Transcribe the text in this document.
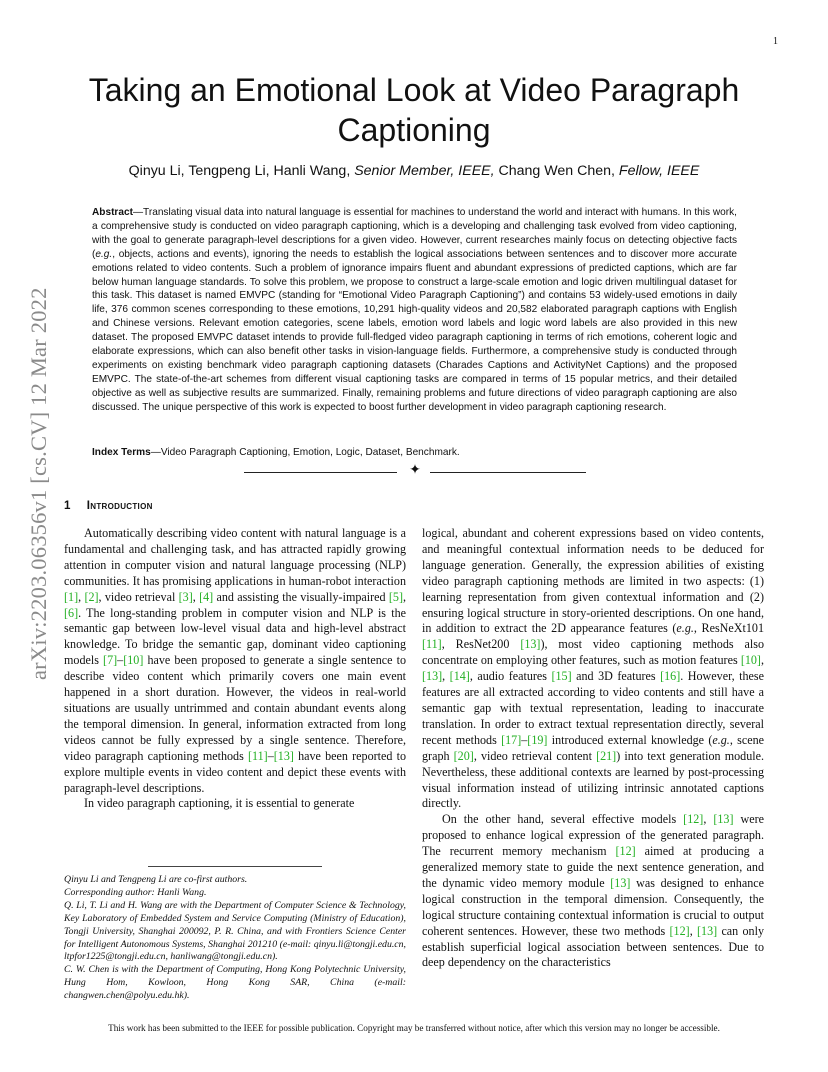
1
arXiv:2203.06356v1 [cs.CV] 12 Mar 2022
Taking an Emotional Look at Video Paragraph Captioning
Qinyu Li, Tengpeng Li, Hanli Wang, Senior Member, IEEE, Chang Wen Chen, Fellow, IEEE

Abstract—Translating visual data into natural language is essential for machines to understand the world and interact with humans. In this work, a comprehensive study is conducted on video paragraph captioning, which is a developing and challenging task evolved from video captioning, with the goal to generate paragraph-level descriptions for a given video. However, current researches mainly focus on detecting objective facts (e.g., objects, actions and events), ignoring the needs to establish the logical associations between sentences and to discover more accurate emotions related to video contents. Such a problem of ignorance impairs fluent and abundant expressions of predicted captions, which are far below human language standards. To solve this problem, we propose to construct a large-scale emotion and logic driven multilingual dataset for this task. This dataset is named EMVPC (standing for “Emotional Video Paragraph Captioning”) and contains 53 widely-used emotions in daily life, 376 common scenes corresponding to these emotions, 10,291 high-quality videos and 20,582 elaborated paragraph captions with English and Chinese versions. Relevant emotion categories, scene labels, emotion word labels and logic word labels are also provided in this new dataset. The proposed EMVPC dataset intends to provide full-fledged video paragraph captioning in terms of rich emotions, coherent logic and elaborate expressions, which can also benefit other tasks in vision-language fields. Furthermore, a comprehensive study is conducted through experiments on existing benchmark video paragraph captioning datasets (Charades Captions and ActivityNet Captions) and the proposed EMVPC. The state-of-the-art schemes from different visual captioning tasks are compared in terms of 15 popular metrics, and their detailed objective as well as subjective results are summarized. Finally, remaining problems and future directions of video paragraph captioning are also discussed. The unique perspective of this work is expected to boost further development in video paragraph captioning research.

Index Terms—Video Paragraph Captioning, Emotion, Logic, Dataset, Benchmark.

✦
1 Introduction

Automatically describing video content with natural language is a fundamental and challenging task, and has attracted rapidly growing attention in computer vision and natural language processing (NLP) communities. It has promising applications in human-robot interaction [1], [2], video retrieval [3], [4] and assisting the visually-impaired [5], [6]. The long-standing problem in computer vision and NLP is the semantic gap between low-level visual data and high-level abstract knowledge. To bridge the semantic gap, dominant video captioning models [7]–[10] have been proposed to generate a single sentence to describe video content which primarily covers one main event happened in a short duration. However, the videos in real-world situations are usually untrimmed and contain abundant events along the temporal dimension. In general, information extracted from long videos cannot be fully expressed by a single sentence. Therefore, video paragraph captioning methods [11]–[13] have been reported to explore multiple events in video content and depict these events with paragraph-level descriptions.

In video paragraph captioning, it is essential to generate

logical, abundant and coherent expressions based on video contents, and meaningful contextual information needs to be deduced for language generation. Generally, the expression abilities of existing video paragraph captioning methods are limited in two aspects: (1) learning representation from given contextual information and (2) ensuring logical structure in story-oriented descriptions. On one hand, in addition to extract the 2D appearance features (e.g., ResNeXt101 [11], ResNet200 [13]), most video captioning methods also concentrate on employing other features, such as motion features [10], [13], [14], audio features [15] and 3D features [16]. However, these features are all extracted according to video contents and still have a semantic gap with textual representation, leading to inaccurate translation. In order to extract textual representation directly, several recent methods [17]–[19] introduced external knowledge (e.g., scene graph [20], video retrieval content [21]) into text generation module. Nevertheless, these additional contexts are learned by post-processing visual information instead of utilizing intrinsic annotated captions directly.

On the other hand, several effective models [12], [13] were proposed to enhance logical expression of the generated paragraph. The recurrent memory mechanism [12] aimed at producing a generalized memory state to guide the next sentence generation, and the dynamic video memory module [13] was designed to enhance logical construction in the temporal dimension. Consequently, the logical structure containing contextual information is crucial to output coherent sentences. However, these two methods [12], [13] can only establish superficial logical association between sentences. Due to deep dependency on the characteristics

Qinyu Li and Tengpeng Li are co-first authors.

Corresponding author: Hanli Wang.

Q. Li, T. Li and H. Wang are with the Department of Computer Science & Technology, Key Laboratory of Embedded System and Service Computing (Ministry of Education), Tongji University, Shanghai 200092, P. R. China, and with Frontiers Science Center for Intelligent Autonomous Systems, Shanghai 201210 (e-mail: qinyu.li@tongji.edu.cn, ltpfor1225@tongji.edu.cn, hanliwang@tongji.edu.cn).

C. W. Chen is with the Department of Computing, Hong Kong Polytechnic University, Hung Hom, Kowloon, Hong Kong SAR, China (e-mail: changwen.chen@polyu.edu.hk).

This work has been submitted to the IEEE for possible publication. Copyright may be transferred without notice, after which this version may no longer be accessible.
